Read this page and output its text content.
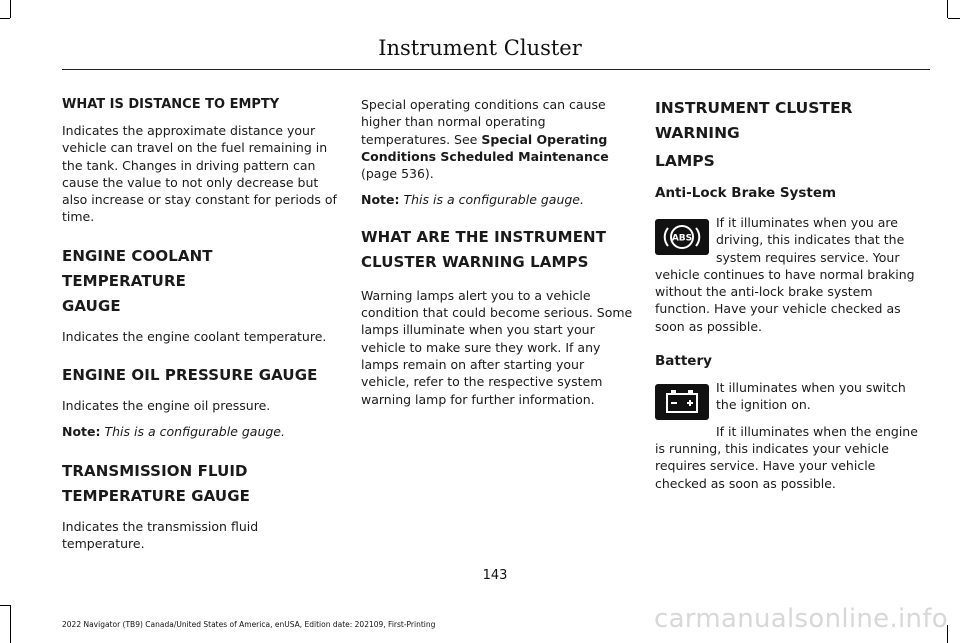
Instrument Cluster

WHAT IS DISTANCE TO EMPTY

Indicates the approximate distance your vehicle can travel on the fuel remaining in the tank. Changes in driving pattern can cause the value to not only decrease but also increase or stay constant for periods of time.

ENGINE COOLANT TEMPERATURE
GAUGE

Indicates the engine coolant temperature.

ENGINE OIL PRESSURE GAUGE

Indicates the engine oil pressure.

Note: This is a configurable gauge.

TRANSMISSION FLUID
TEMPERATURE GAUGE

Indicates the transmission fluid temperature.

Special operating conditions can cause higher than normal operating temperatures. See Special Operating Conditions Scheduled Maintenance (page 536).

Note: This is a configurable gauge.

WHAT ARE THE INSTRUMENT
CLUSTER WARNING LAMPS

Warning lamps alert you to a vehicle condition that could become serious. Some lamps illuminate when you start your vehicle to make sure they work. If any lamps remain on after starting your vehicle, refer to the respective system warning lamp for further information.

INSTRUMENT CLUSTER WARNING
LAMPS
Anti-Lock Brake System
ABS

If it illuminates when you are driving, this indicates that the system requires service. Your vehicle continues to have normal braking without the anti-lock brake system function. Have your vehicle checked as soon as possible.

Battery

It illuminates when you switch the ignition on.

If it illuminates when the engine is running, this indicates your vehicle requires service. Have your vehicle checked as soon as possible.

143
2022 Navigator (TB9) Canada/United States of America, enUSA, Edition date: 202109, First-Printing	carmanualsonline.info
